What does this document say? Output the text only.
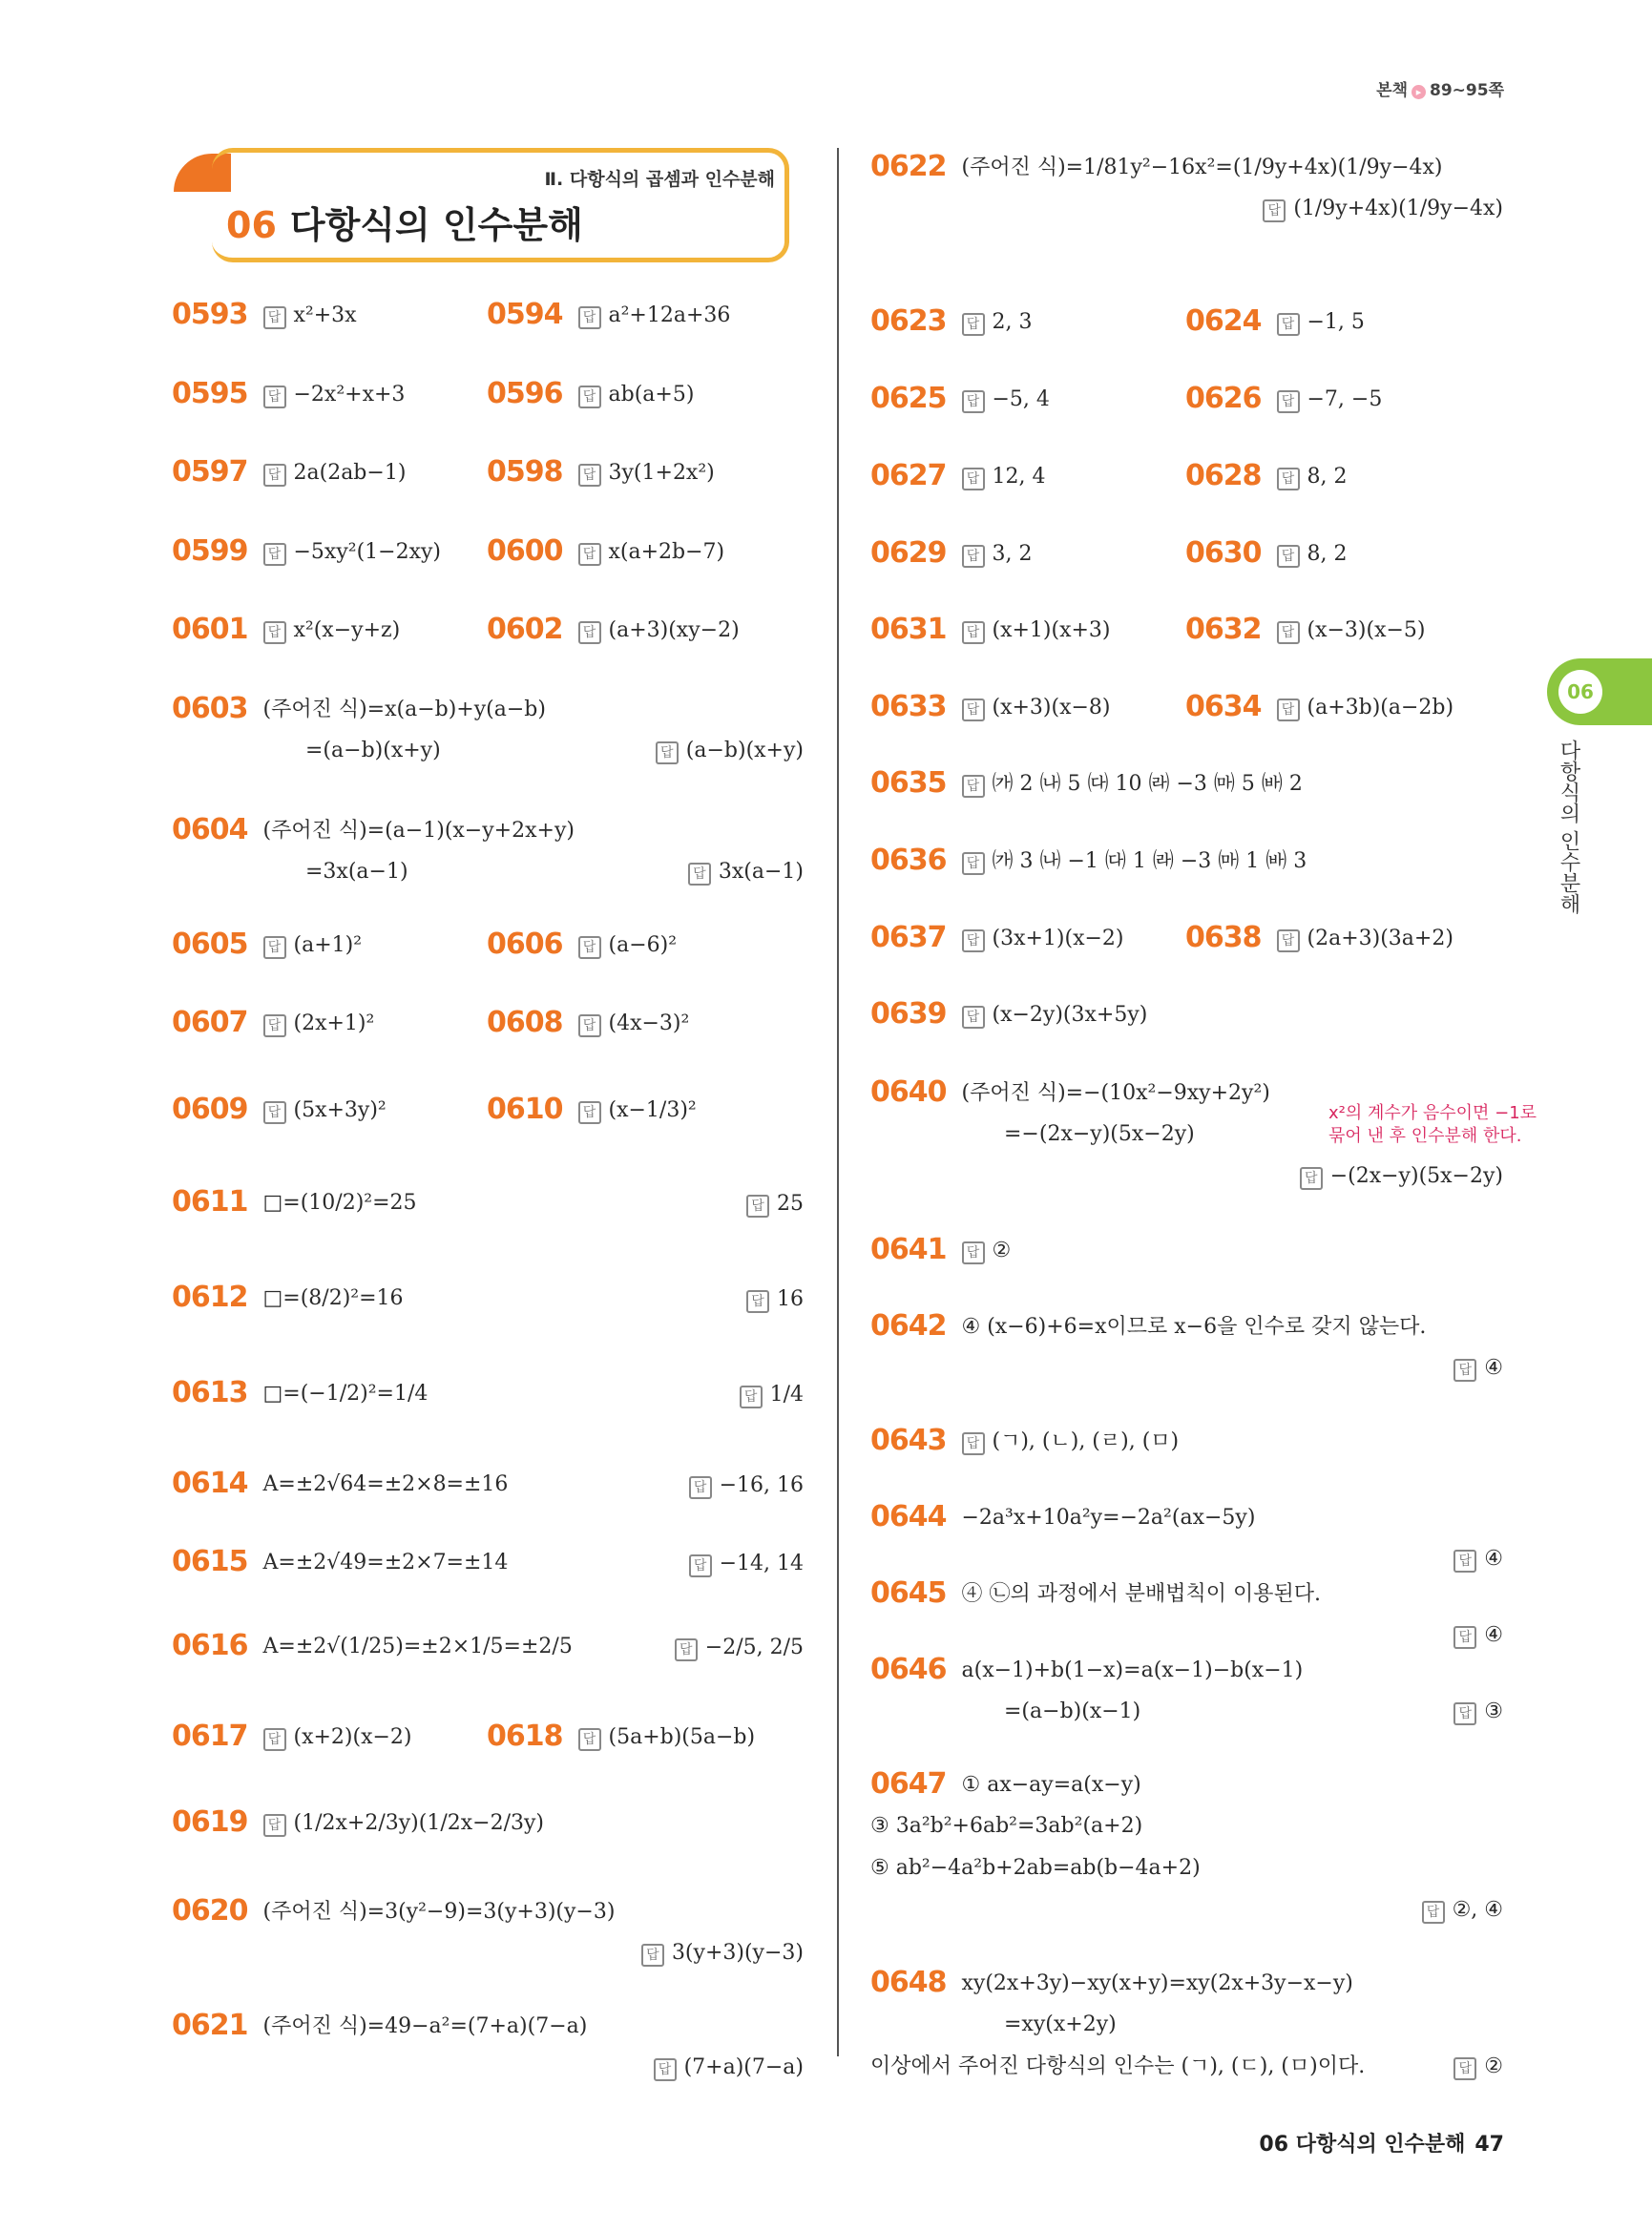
본책 ▸ 89~95쪽
Ⅱ. 다항식의 곱셈과 인수분해
06 다항식의 인수분해
06
다항식의 인수분해
0593 답 x²+3x	0594 답 a²+12a+36
0595 답 −2x²+x+3	0596 답 ab(a+5)
0597 답 2a(2ab−1)	0598 답 3y(1+2x²)
0599 답 −5xy²(1−2xy) 0600 답 x(a+2b−7)
0601 답 x²(x−y+z)	0602 답 (a+3)(xy−2)
0603 (주어진 식)=x(a−b)+y(a−b)
=(a−b)(x+y)	답 (a−b)(x+y)
0604 (주어진 식)=(a−1)(x−y+2x+y)
=3x(a−1)	답 3x(a−1)
0605 답 (a+1)²	0606 답 (a−6)²
0607 답 (2x+1)²	0608 답 (4x−3)²
0609 답 (5x+3y)²	0610 답 (x−1/3)²
0611 □=(10/2)²=25	답 25
0612 □=(8/2)²=16	답 16
0613 □=(−1/2)²=1/4	답 1/4
0614 A=±2√64=±2×8=±16	답 −16, 16
0615 A=±2√49=±2×7=±14	답 −14, 14
0616 A=±2√(1/25)=±2×1/5=±2/5	답 −2/5, 2/5
0617 답 (x+2)(x−2)	0618 답 (5a+b)(5a−b)
0619 답 (1/2x+2/3y)(1/2x−2/3y)
0620 (주어진 식)=3(y²−9)=3(y+3)(y−3)
답 3(y+3)(y−3)
0621 (주어진 식)=49−a²=(7+a)(7−a)
답 (7+a)(7−a)
0622 (주어진 식)=1/81y²−16x²=(1/9y+4x)(1/9y−4x)
답 (1/9y+4x)(1/9y−4x)
0623 답 2, 3	0624 답 −1, 5
0625 답 −5, 4	0626 답 −7, −5
0627 답 12, 4	0628 답 8, 2
0629 답 3, 2	0630 답 8, 2
0631 답 (x+1)(x+3)	0632 답 (x−3)(x−5)
0633 답 (x+3)(x−8)	0634 답 (a+3b)(a−2b)
0635 답 ㈎ 2 ㈏ 5 ㈐ 10 ㈑ −3 ㈒ 5 ㈓ 2
0636 답 ㈎ 3 ㈏ −1 ㈐ 1 ㈑ −3 ㈒ 1 ㈓ 3
0637 답 (3x+1)(x−2) 0638 답 (2a+3)(3a+2)
0639 답 (x−2y)(3x+5y)
0640 (주어진 식)=−(10x²−9xy+2y²)
=−(2x−y)(5x−2y)
x²의 계수가 음수이면 −1로
묶어 낸 후 인수분해 한다.
답 −(2x−y)(5x−2y)
0641 답 ②
0642 ④ (x−6)+6=x이므로 x−6을 인수로 갖지 않는다.
답 ④
0643 답 (ㄱ), (ㄴ), (ㄹ), (ㅁ)
0644 −2a³x+10a²y=−2a²(ax−5y)
답 ④
0645 ④ ㉡의 과정에서 분배법칙이 이용된다.
답 ④
0646 a(x−1)+b(1−x)=a(x−1)−b(x−1)
=(a−b)(x−1)	답 ③
0647 ① ax−ay=a(x−y)
③ 3a²b²+6ab²=3ab²(a+2)
⑤ ab²−4a²b+2ab=ab(b−4a+2)
답 ②, ④
0648 xy(2x+3y)−xy(x+y)=xy(2x+3y−x−y)
=xy(x+2y)
이상에서 주어진 다항식의 인수는 (ㄱ), (ㄷ), (ㅁ)이다.	답 ②
06 다항식의 인수분해 47
